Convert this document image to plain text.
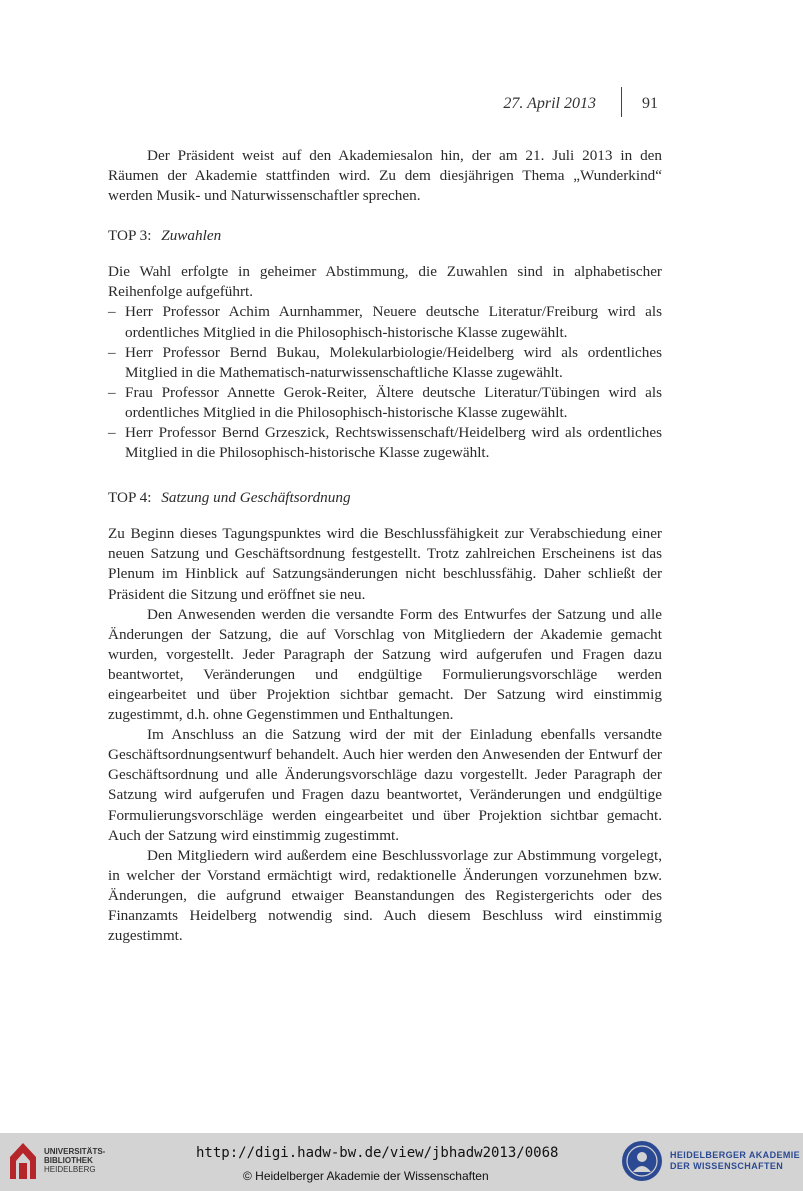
27. April 2013	91

Der Präsident weist auf den Akademiesalon hin, der am 21. Juli 2013 in den Räumen der Akademie stattfinden wird. Zu dem diesjährigen Thema „Wunderkind“ werden Musik- und Naturwissenschaftler sprechen.

TOP 3: Zuwahlen

Die Wahl erfolgte in geheimer Abstimmung, die Zuwahlen sind in alphabetischer Reihenfolge aufgeführt.

– Herr Professor Achim Aurnhammer, Neuere deutsche Literatur/Freiburg wird als ordentliches Mitglied in die Philosophisch-historische Klasse zugewählt.
– Herr Professor Bernd Bukau, Molekularbiologie/Heidelberg wird als ordentliches Mitglied in die Mathematisch-naturwissenschaftliche Klasse zugewählt.
– Frau Professor Annette Gerok-Reiter, Ältere deutsche Literatur/Tübingen wird als ordentliches Mitglied in die Philosophisch-historische Klasse zugewählt.
– Herr Professor Bernd Grzeszick, Rechtswissenschaft/Heidelberg wird als ordentliches Mitglied in die Philosophisch-historische Klasse zugewählt.

TOP 4: Satzung und Geschäftsordnung

Zu Beginn dieses Tagungspunktes wird die Beschlussfähigkeit zur Verabschiedung einer neuen Satzung und Geschäftsordnung festgestellt. Trotz zahlreichen Erscheinens ist das Plenum im Hinblick auf Satzungsänderungen nicht beschlussfähig. Daher schließt der Präsident die Sitzung und eröffnet sie neu.

Den Anwesenden werden die versandte Form des Entwurfes der Satzung und alle Änderungen der Satzung, die auf Vorschlag von Mitgliedern der Akademie gemacht wurden, vorgestellt. Jeder Paragraph der Satzung wird aufgerufen und Fragen dazu beantwortet, Veränderungen und endgültige Formulierungsvorschläge werden eingearbeitet und über Projektion sichtbar gemacht. Der Satzung wird einstimmig zugestimmt, d.h. ohne Gegenstimmen und Enthaltungen.

Im Anschluss an die Satzung wird der mit der Einladung ebenfalls versandte Geschäftsordnungsentwurf behandelt. Auch hier werden den Anwesenden der Entwurf der Geschäftsordnung und alle Änderungsvorschläge dazu vorgestellt. Jeder Paragraph der Satzung wird aufgerufen und Fragen dazu beantwortet, Veränderungen und endgültige Formulierungsvorschläge werden eingearbeitet und über Projektion sichtbar gemacht. Auch der Satzung wird einstimmig zugestimmt.

Den Mitgliedern wird außerdem eine Beschlussvorlage zur Abstimmung vorgelegt, in welcher der Vorstand ermächtigt wird, redaktionelle Änderungen vorzunehmen bzw. Änderungen, die aufgrund etwaiger Beanstandungen des Registergerichts oder des Finanzamts Heidelberg notwendig sind. Auch diesem Beschluss wird einstimmig zugestimmt.

UNIVERSITÄTS-
BIBLIOTHEK
HEIDELBERG
http://digi.hadw-bw.de/view/jbhadw2013/0068
© Heidelberger Akademie der Wissenschaften
HEIDELBERGER AKADEMIE
DER WISSENSCHAFTEN
